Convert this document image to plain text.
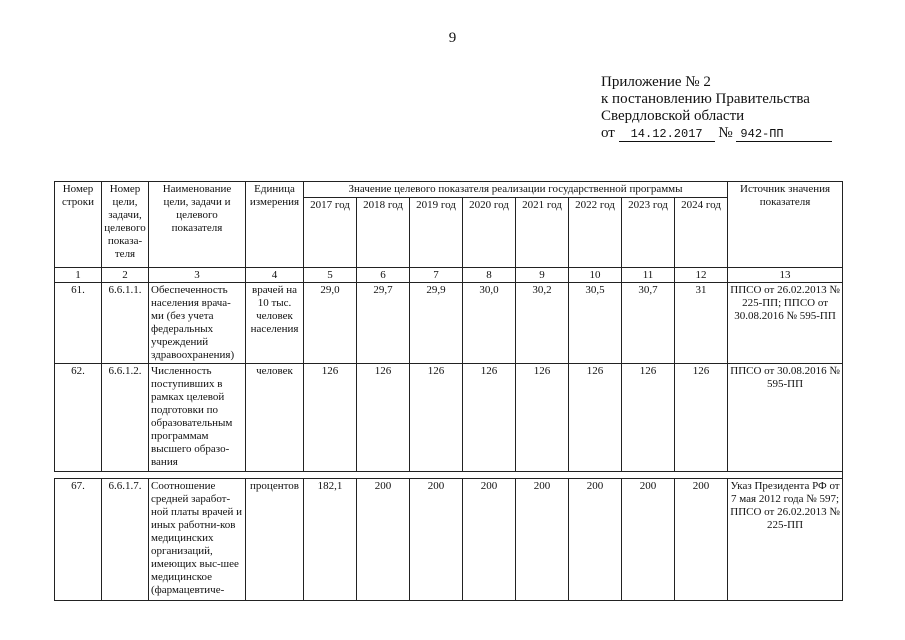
9
Приложение № 2
к постановлению Правительства
Свердловской области
от 14.12.2017 № 942-ПП
Номер строки	Номер цели, задачи, целевого показа-теля	Наименование цели, задачи и целевого показателя	Единица измерения	Значение целевого показателя реализации государственной программы								Источник значения показателя
				2017 год	2018 год	2019 год	2020 год	2021 год	2022 год	2023 год	2024 год	
1	2	3	4	5	6	7	8	9	10	11	12	13
61.	6.6.1.1.	Обеспеченность населения врача-ми (без учета федеральных учреждений здравоохранения)	врачей на 10 тыс. человек населения	29,0	29,7	29,9	30,0	30,2	30,5	30,7	31	ППСО от 26.02.2013 № 225-ПП; ППСО от 30.08.2016 № 595-ПП
62.	6.6.1.2.	Численность поступивших в рамках целевой подготовки по образовательным программам высшего образо-вания	человек	126	126	126	126	126	126	126	126	ППСО от 30.08.2016 № 595-ПП

67.	6.6.1.7.	Соотношение средней заработ-ной платы врачей и иных работни-ков медицинских организаций, имеющих выс-шее медицинское (фармацевтиче-	процентов	182,1	200	200	200	200	200	200	200	Указ Президента РФ от 7 мая 2012 года № 597; ППСО от 26.02.2013 № 225-ПП
